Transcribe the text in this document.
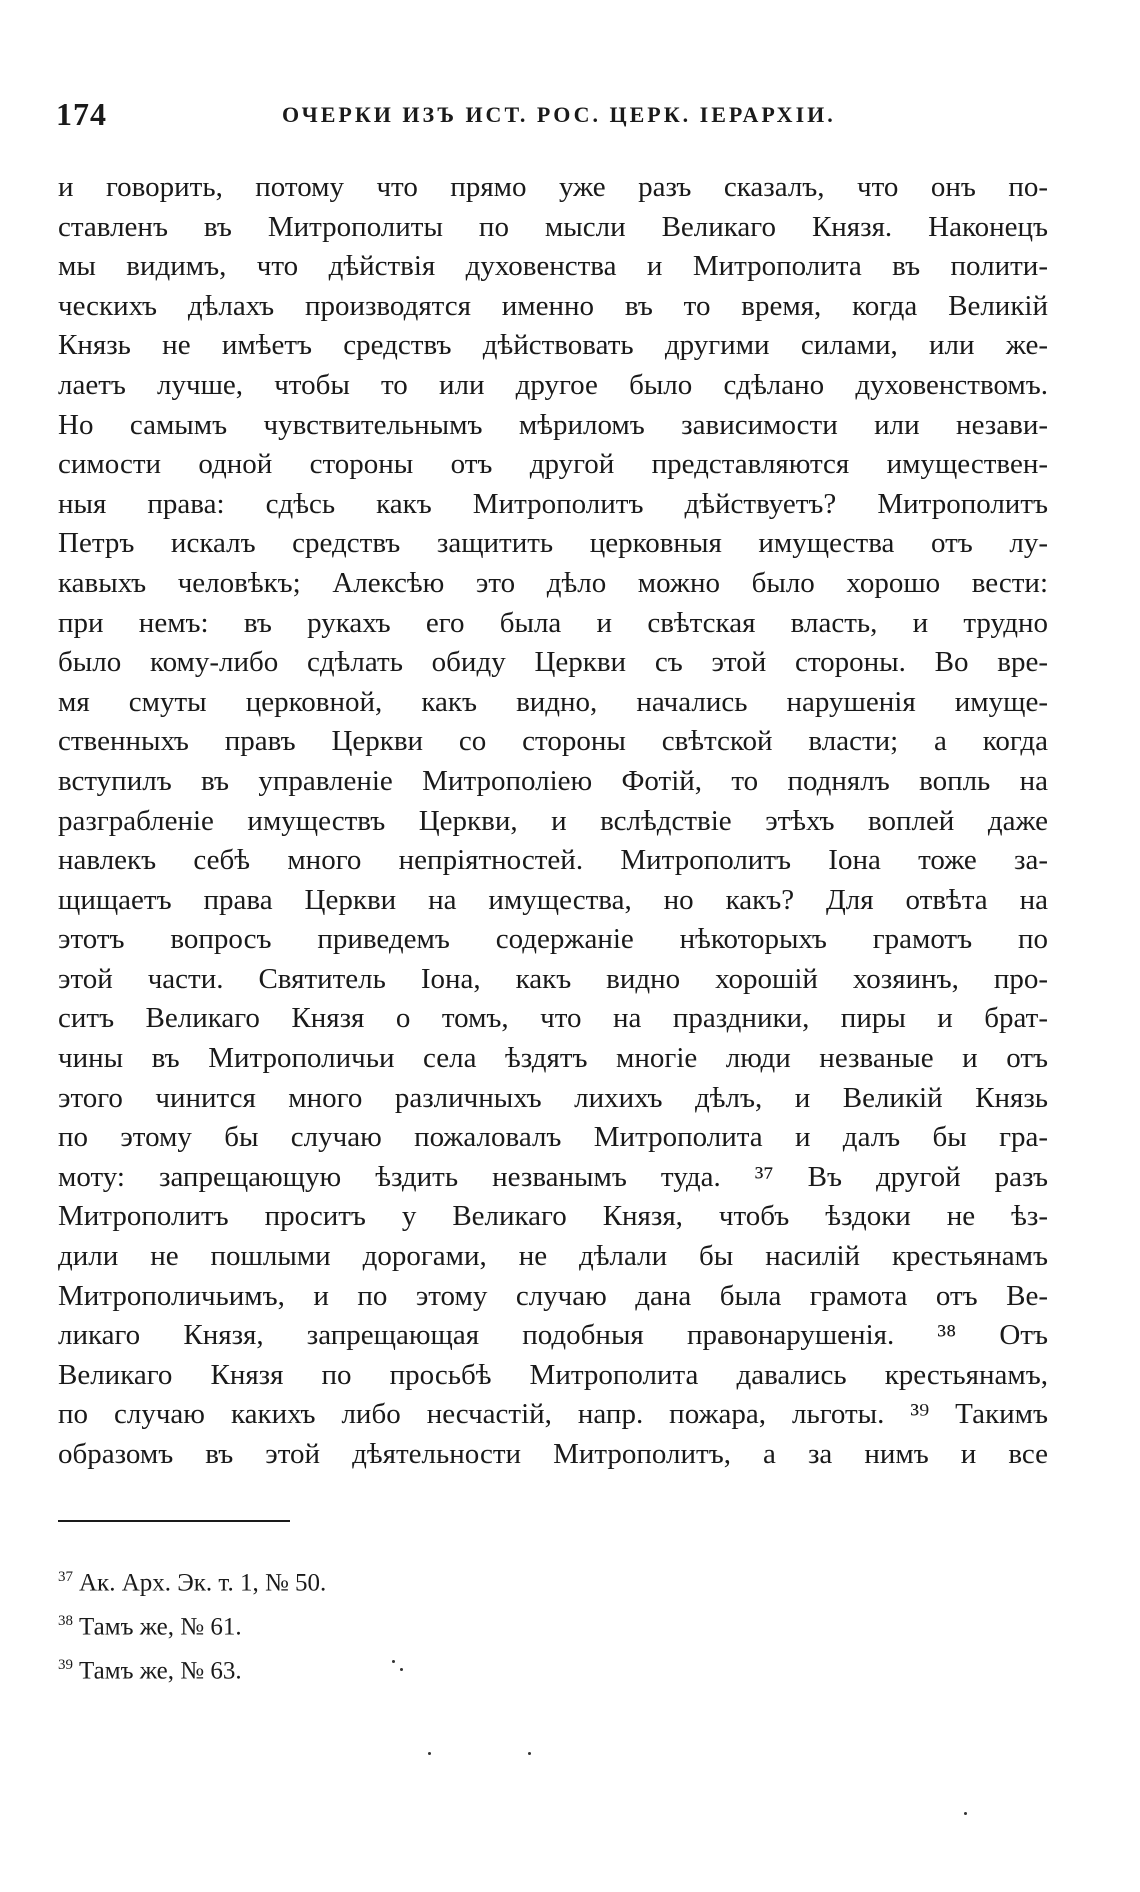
174	ОЧЕРКИ ИЗЪ ИСТ. РОС. ЦЕРК. ІЕРАРХІИ.
и говорить, потому что прямо уже разъ сказалъ, что онъ по-
ставленъ въ Митрополиты по мысли Великаго Князя. Наконецъ
мы видимъ, что дѣйствія духовенства и Митрополита въ полити-
ческихъ дѣлахъ производятся именно въ то время, когда Великій
Князь не имѣетъ средствъ дѣйствовать другими силами, или же-
лаетъ лучше, чтобы то или другое было сдѣлано духовенствомъ.
Но самымъ чувствительнымъ мѣриломъ зависимости или незави-
симости одной стороны отъ другой представляются имуществен-
ныя права: сдѣсь какъ Митрополитъ дѣйствуетъ? Митрополитъ
Петръ искалъ средствъ защитить церковныя имущества отъ лу-
кавыхъ человѣкъ; Алексѣю это дѣло можно было хорошо вести:
при немъ: въ рукахъ его была и свѣтская власть, и трудно
было кому-либо сдѣлать обиду Церкви съ этой стороны. Во вре-
мя смуты церковной, какъ видно, начались нарушенія имуще-
ственныхъ правъ Церкви со стороны свѣтской власти; а когда
вступилъ въ управленіе Митрополіею Фотій, то поднялъ вопль на
разграбленіе имуществъ Церкви, и вслѣдствіе этѣхъ воплей даже
навлекъ себѣ много непріятностей. Митрополитъ Іона тоже за-
щищаетъ права Церкви на имущества, но какъ? Для отвѣта на
этотъ вопросъ приведемъ содержаніе нѣкоторыхъ грамотъ по
этой части. Святитель Іона, какъ видно хорошій хозяинъ, про-
ситъ Великаго Князя о томъ, что на праздники, пиры и брат-
чины въ Митрополичьи села ѣздятъ многіе люди незваные и отъ
этого чинится много различныхъ лихихъ дѣлъ, и Великій Князь
по этому бы случаю пожаловалъ Митрополита и далъ бы гра-
моту: запрещающую ѣздить незванымъ туда. ³⁷ Въ другой разъ
Митрополитъ проситъ у Великаго Князя, чтобъ ѣздоки не ѣз-
дили не пошлыми дорогами, не дѣлали бы насилій крестьянамъ
Митрополичьимъ, и по этому случаю дана была грамота отъ Ве-
ликаго Князя, запрещающая подобныя правонарушенія. ³⁸ Отъ
Великаго Князя по просьбѣ Митрополита давались крестьянамъ,
по случаю какихъ либо несчастій, напр. пожара, льготы. ³⁹ Такимъ
образомъ въ этой дѣятельности Митрополитъ, а за нимъ и все
$^{37}$ Ак. Арх. Эк. т. 1, № 50.
$^{38}$ Тамъ же, № 61.
$^{39}$ Тамъ же, № 63.
